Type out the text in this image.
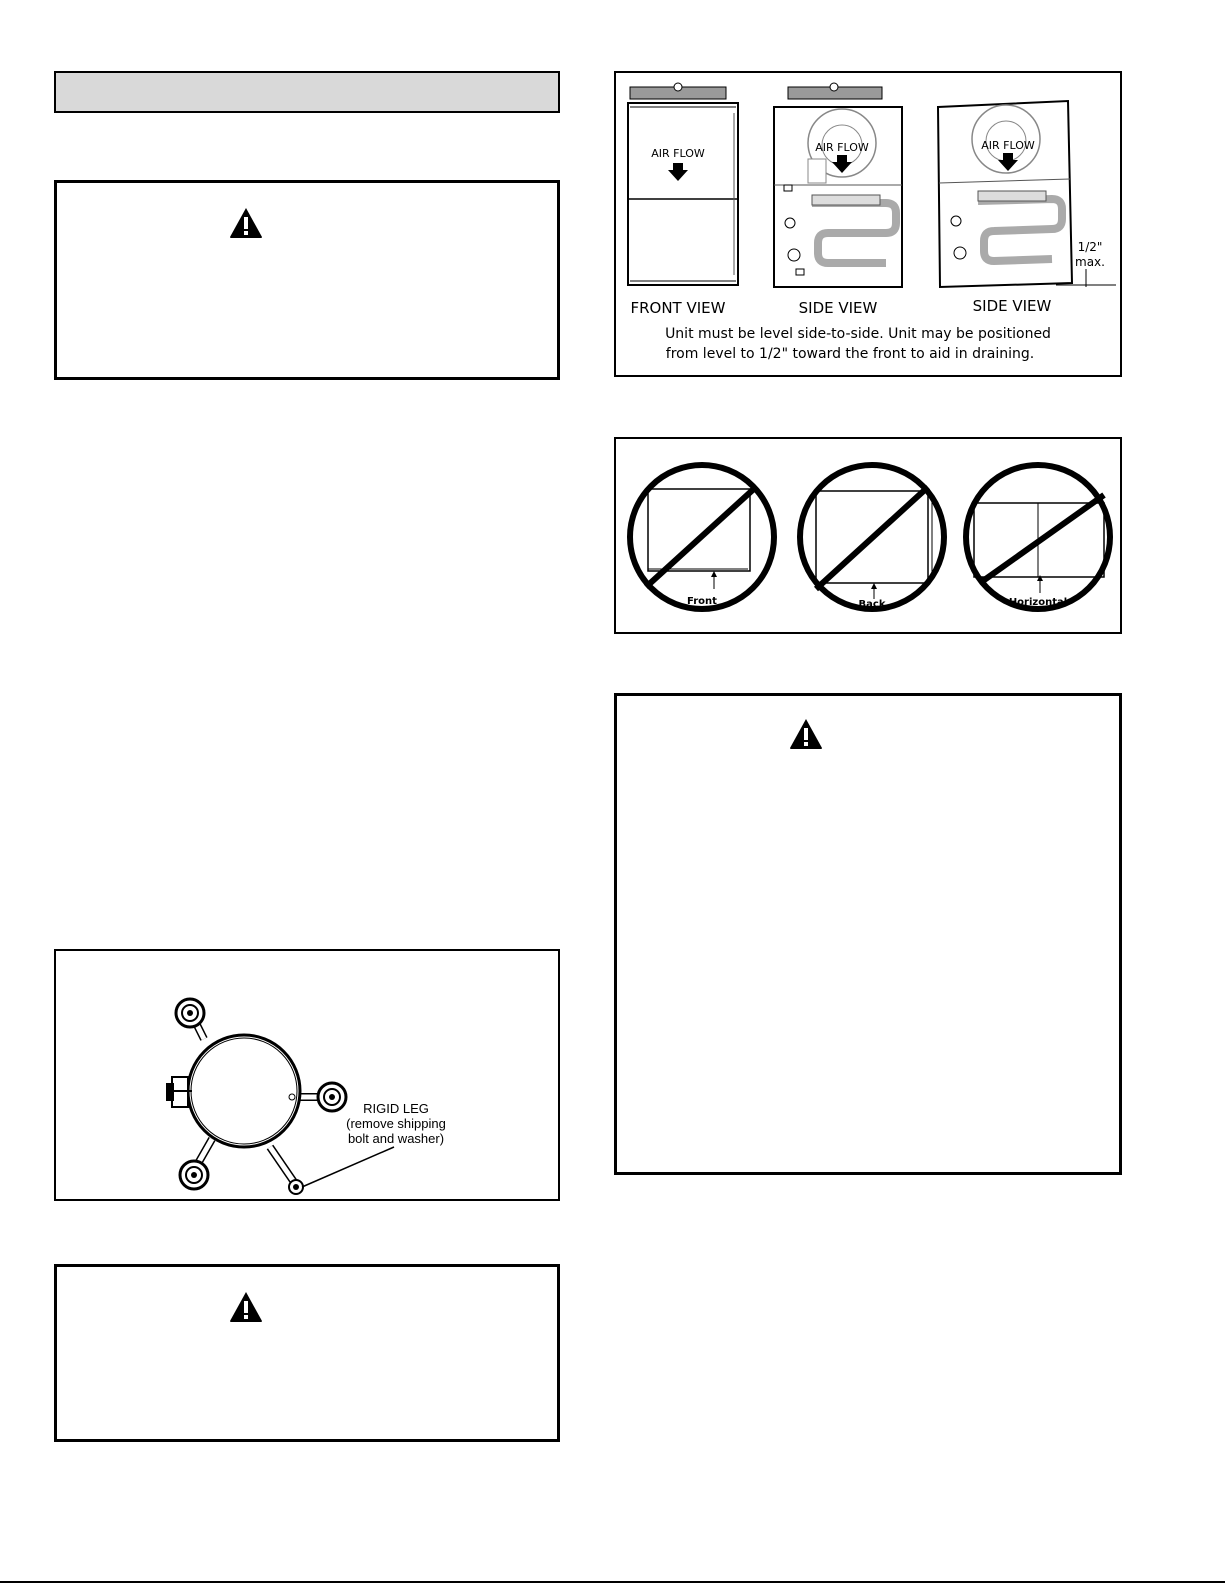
AIR FLOW
FRONT VIEW
AIR FLOW
SIDE VIEW
AIR FLOW
1/2"
max.
SIDE VIEW
Unit must be level side-to-side. Unit may be positioned
from level to 1/2" toward the front to aid in draining.
Front	Back	Horizontal
RIGID LEG
(remove shipping
bolt and washer)
